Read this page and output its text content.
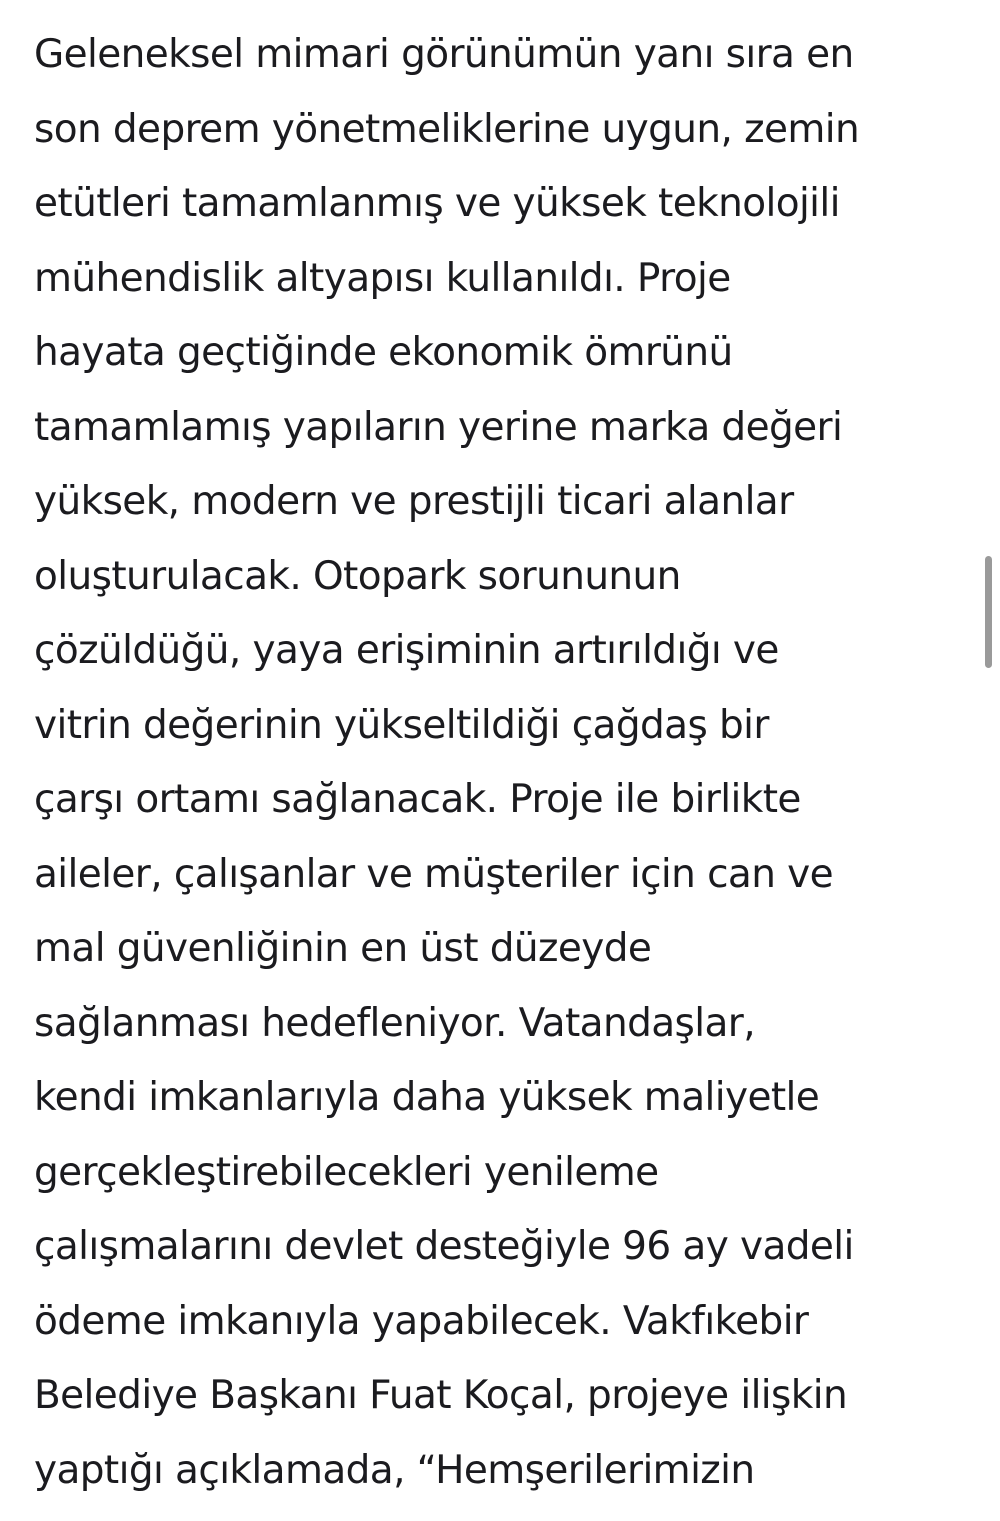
Geleneksel mimari görünümün yanı sıra en
son deprem yönetmeliklerine uygun, zemin
etütleri tamamlanmış ve yüksek teknolojili
mühendislik altyapısı kullanıldı. Proje
hayata geçtiğinde ekonomik ömrünü
tamamlamış yapıların yerine marka değeri
yüksek, modern ve prestijli ticari alanlar
oluşturulacak. Otopark sorununun
çözüldüğü, yaya erişiminin artırıldığı ve
vitrin değerinin yükseltildiği çağdaş bir
çarşı ortamı sağlanacak. Proje ile birlikte
aileler, çalışanlar ve müşteriler için can ve
mal güvenliğinin en üst düzeyde
sağlanması hedefleniyor. Vatandaşlar,
kendi imkanlarıyla daha yüksek maliyetle
gerçekleştirebilecekleri yenileme
çalışmalarını devlet desteğiyle 96 ay vadeli
ödeme imkanıyla yapabilecek. Vakfıkebir
Belediye Başkanı Fuat Koçal, projeye ilişkin
yaptığı açıklamada, “Hemşerilerimizin
